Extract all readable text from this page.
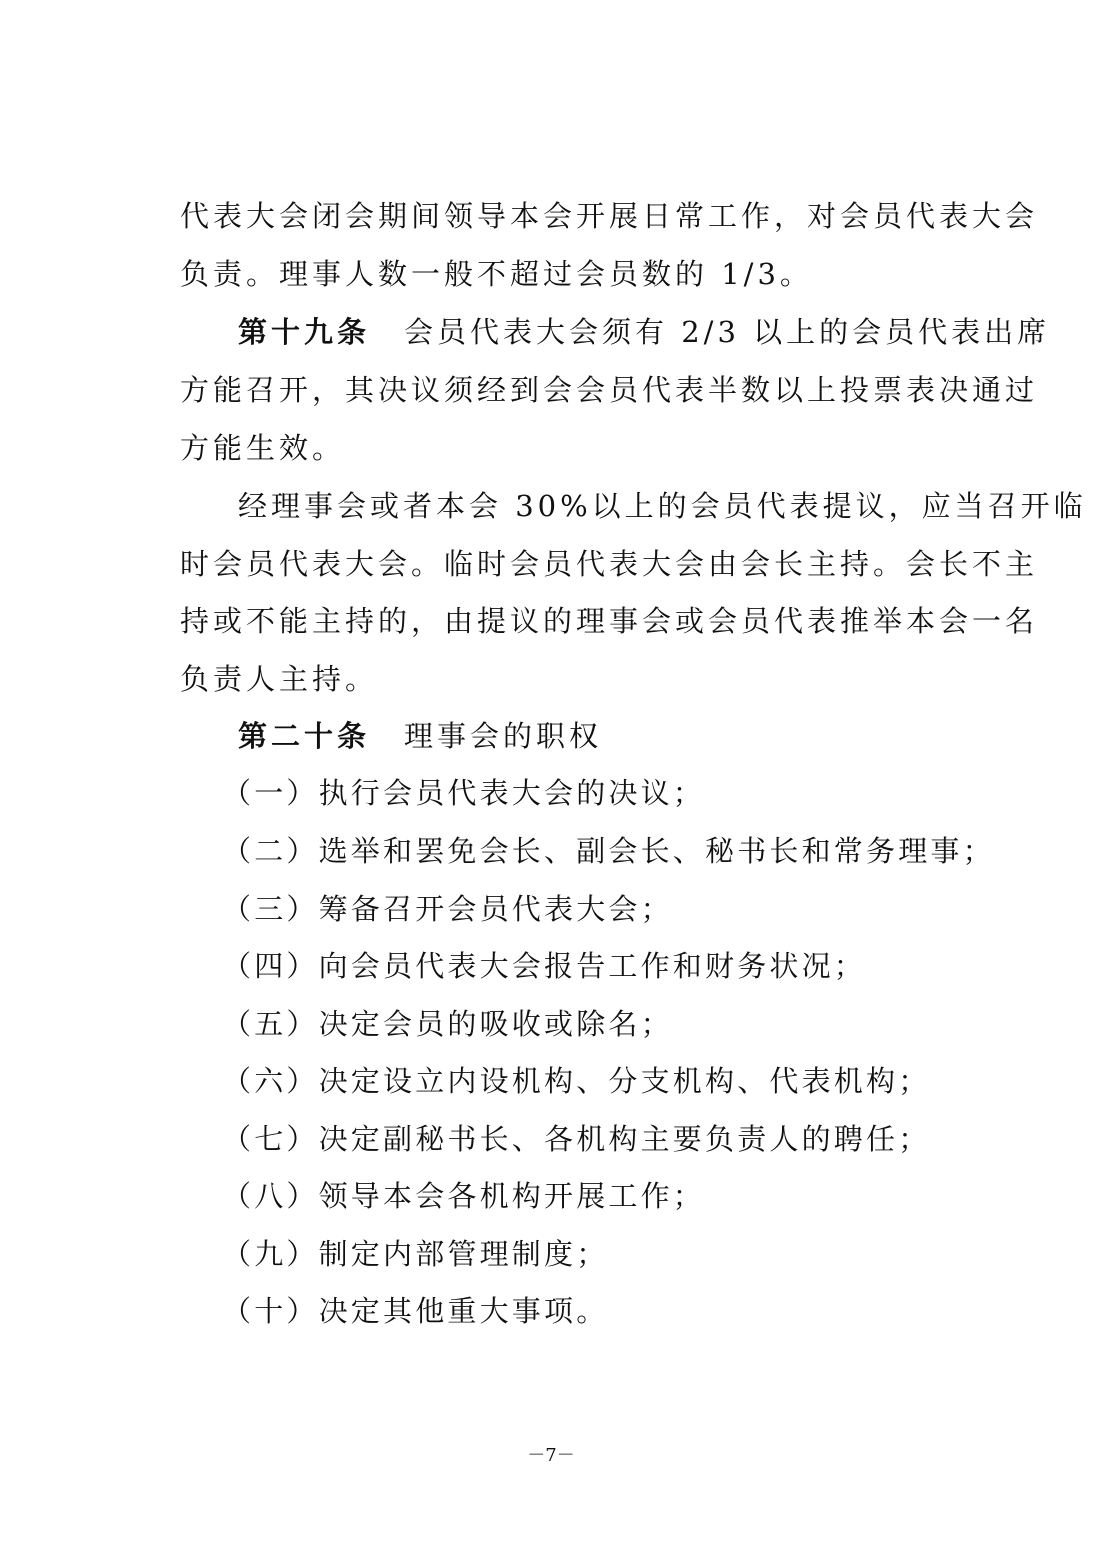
代表大会闭会期间领导本会开展日常工作，对会员代表大会
负责。理事人数一般不超过会员数的 1/3。
第十九条 会员代表大会须有 2/3 以上的会员代表出席
方能召开，其决议须经到会会员代表半数以上投票表决通过
方能生效。
经理事会或者本会 30%以上的会员代表提议，应当召开临
时会员代表大会。临时会员代表大会由会长主持。会长不主
持或不能主持的，由提议的理事会或会员代表推举本会一名
负责人主持。
第二十条 理事会的职权
（一）执行会员代表大会的决议；
（二）选举和罢免会长、副会长、秘书长和常务理事；
（三）筹备召开会员代表大会；
（四）向会员代表大会报告工作和财务状况；
（五）决定会员的吸收或除名；
（六）决定设立内设机构、分支机构、代表机构；
（七）决定副秘书长、各机构主要负责人的聘任；
（八）领导本会各机构开展工作；
（九）制定内部管理制度；
（十）决定其他重大事项。
－7－
